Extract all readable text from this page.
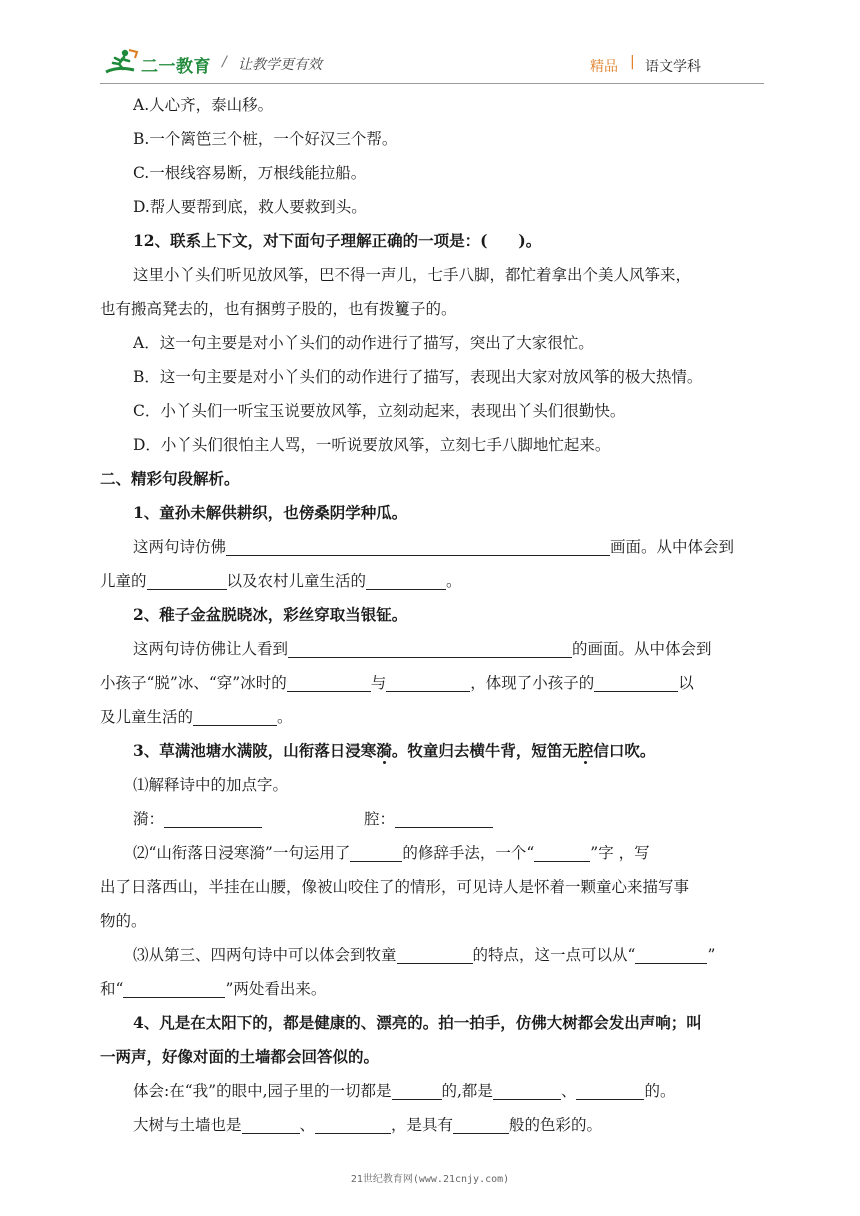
二一教育 / 让教学更有效	精品 | 语文学科
A.人心齐，泰山移。
B.一个篱笆三个桩，一个好汉三个帮。
C.一根线容易断，万根线能拉船。
D.帮人要帮到底，救人要救到头。
12、联系上下文，对下面句子理解正确的一项是：(　　)。
这里小丫头们听见放风筝，巴不得一声儿，七手八脚，都忙着拿出个美人风筝来，
也有搬高凳去的，也有捆剪子股的，也有拨籰子的。
A．这一句主要是对小丫头们的动作进行了描写，突出了大家很忙。
B．这一句主要是对小丫头们的动作进行了描写，表现出大家对放风筝的极大热情。
C．小丫头们一听宝玉说要放风筝，立刻动起来，表现出丫头们很勤快。
D．小丫头们很怕主人骂，一听说要放风筝，立刻七手八脚地忙起来。
二、精彩句段解析。
1、童孙未解供耕织，也傍桑阴学种瓜。
这两句诗仿佛	画面。从中体会到
儿童的	以及农村儿童生活的	。
2、稚子金盆脱晓冰，彩丝穿取当银钲。
这两句诗仿佛让人看到	的画面。从中体会到
小孩子“脱”冰、“穿”冰时的	与	，体现了小孩子的	以
及儿童生活的	。
3、草满池塘水满陂，山衔落日浸寒漪。牧童归去横牛背，短笛无腔信口吹。
⑴解释诗中的加点字。
漪：	腔：
⑵“山衔落日浸寒漪”一句运用了	的修辞手法，一个“	”字 ，写
出了日落西山，半挂在山腰，像被山咬住了的情形，可见诗人是怀着一颗童心来描写事
物的。
⑶从第三、四两句诗中可以体会到牧童	的特点，这一点可以从“	”
和“	”两处看出来。
4、凡是在太阳下的，都是健康的、漂亮的。拍一拍手，仿佛大树都会发出声响；叫
一两声，好像对面的土墙都会回答似的。
体会:在“我”的眼中,园子里的一切都是	的,都是	、	的。
大树与土墙也是	、	，是具有	般的色彩的。
21世纪教育网(www.21cnjy.com)
